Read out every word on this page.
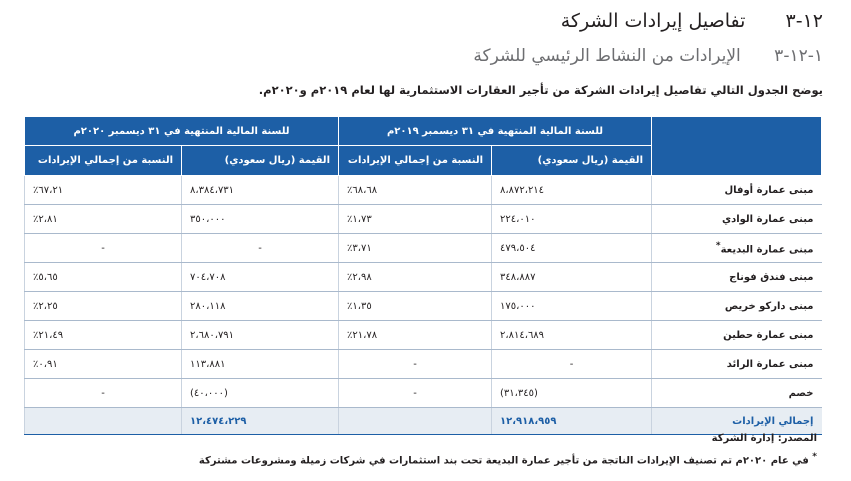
١٢-٣ تفاصيل إيرادات الشركة
١-١٢-٣ الإيرادات من النشاط الرئيسي للشركة
يوضح الجدول التالي تفاصيل إيرادات الشركة من تأجير العقارات الاستثمارية لها لعام ٢٠١٩م و٢٠٢٠م.
	للسنة المالية المنتهية في ٣١ ديسمبر ٢٠١٩م		للسنة المالية المنتهية في ٣١ ديسمبر ٢٠٢٠م	
	القيمة (ريال سعودي)	النسبة من إجمالي الإيرادات	القيمة (ريال سعودي)	النسبة من إجمالي الإيرادات
مبنى عمارة أوفال	٨،٨٧٢،٢١٤	٦٨،٦٨٪	٨،٣٨٤،٧٣١	٦٧،٢١٪
مبنى عمارة الوادي	٢٢٤،٠١٠	١،٧٣٪	٣٥٠،٠٠٠	٢،٨١٪
مبنى عمارة البديعة*	٤٧٩،٥٠٤	٣،٧١٪	-	-
مبنى فندق فوناج	٣٤٨،٨٨٧	٢،٩٨٪	٧٠٤،٧٠٨	٥،٦٥٪
مبنى داركو خريص	١٧٥،٠٠٠	١،٣٥٪	٢٨٠،١١٨	٢،٢٥٪
مبنى عمارة حطين	٢،٨١٤،٦٨٩	٢١،٧٨٪	٢،٦٨٠،٧٩١	٢١،٤٩٪
مبنى عمارة الرائد	-	-	١١٣،٨٨١	٠،٩١٪
خصم	(٣١،٣٤٥)	-	(٤٠،٠٠٠)	-
إجمالي الإيرادات	١٢،٩١٨،٩٥٩		١٢،٤٧٤،٢٢٩	
المصدر: إدارة الشركة
* في عام ٢٠٢٠م تم تصنيف الإيرادات الناتجة من تأجير عمارة البديعة تحت بند استثمارات في شركات زميلة ومشروعات مشتركة
